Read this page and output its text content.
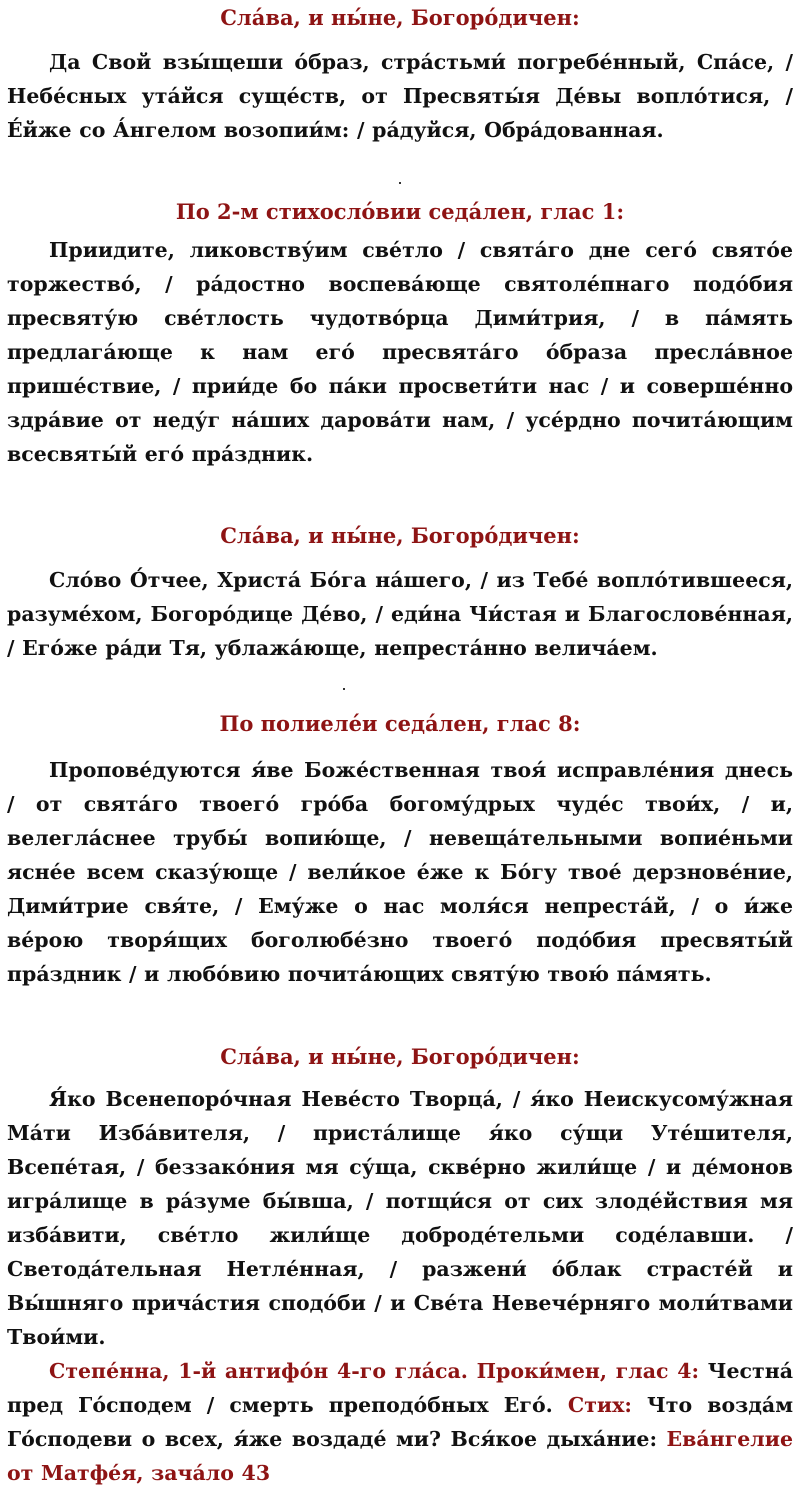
Сла́ва, и ны́не, Богоро́дичен:

Да Свой взы́щеши о́браз, стра́стьми́ погребе́нный, Спа́се, / Небе́сных ута́йся суще́ств, от Пресвяты́я Де́вы вопло́тися, / Е́йже со А́нгелом возопии́м: / ра́дуйся, Обра́дованная.

По 2-м стихосло́вии седа́лен, глас 1:

Приидите, ликовству́им све́тло / свята́го дне сего́ свято́е торжество́, / ра́достно воспева́юще святоле́пнаго подо́бия пресвяту́ю све́тлость чудотво́рца Дими́трия, / в па́мять предлага́юще к нам его́ пресвята́го о́браза пресла́вное прише́ствие, / прии́де бо па́ки просвети́ти нас / и соверше́нно здра́вие от неду́г на́ших дарова́ти нам, / усе́рдно почита́ющим всесвяты́й его́ пра́здник.

Сла́ва, и ны́не, Богоро́дичен:

Сло́во О́тчее, Христа́ Бо́га на́шего, / из Тебе́ вопло́тившееся, разуме́хом, Богоро́дице Де́во, / еди́на Чи́стая и Благослове́нная, / Его́же ра́ди Тя, ублажа́юще, непреста́нно велича́ем.

По полиеле́и седа́лен, глас 8:

Пропове́дуются я́ве Боже́ственная твоя́ исправле́ния днесь / от свята́го твоего́ гро́ба богому́дрых чуде́с твои́х, / и, велегла́снее трубы́ вопию́ще, / невеща́тельными вопие́ньми ясне́е всем сказу́юще / вели́кое е́же к Бо́гу твое́ дерзнове́ние, Дими́трие свя́те, / Ему́же о нас моля́ся непреста́й, / о и́же ве́рою творя́щих боголюбе́зно твоего́ подо́бия пресвяты́й пра́здник / и любо́вию почита́ющих святу́ю твою́ па́мять.

Сла́ва, и ны́не, Богоро́дичен:

Я́ко Всенепоро́чная Неве́сто Творца́, / я́ко Неискусому́жная Ма́ти Изба́вителя, / приста́лище я́ко су́щи Уте́шителя, Всепе́тая, / беззако́ния мя су́ща, скве́рно жили́ще / и де́монов игра́лище в ра́зуме бы́вша, / потщи́ся от сих злоде́йствия мя изба́вити, све́тло жили́ще доброде́тельми соде́лавши. / Светода́тельная Нетле́нная, / разжени́ о́блак страсте́й и Вы́шняго прича́стия сподо́би / и Све́та Невече́рняго моли́твами Твои́ми.

Степе́нна, 1-й антифо́н 4-го гла́са. Проки́мен, глас 4: Честна́ пред Го́сподем / смерть преподо́бных Его́. Стих: Что возда́м Го́сподеви о всех, я́же воздаде́ ми? Вся́кое дыха́ние: Ева́нгелие от Матфе́я, зача́ло 43
